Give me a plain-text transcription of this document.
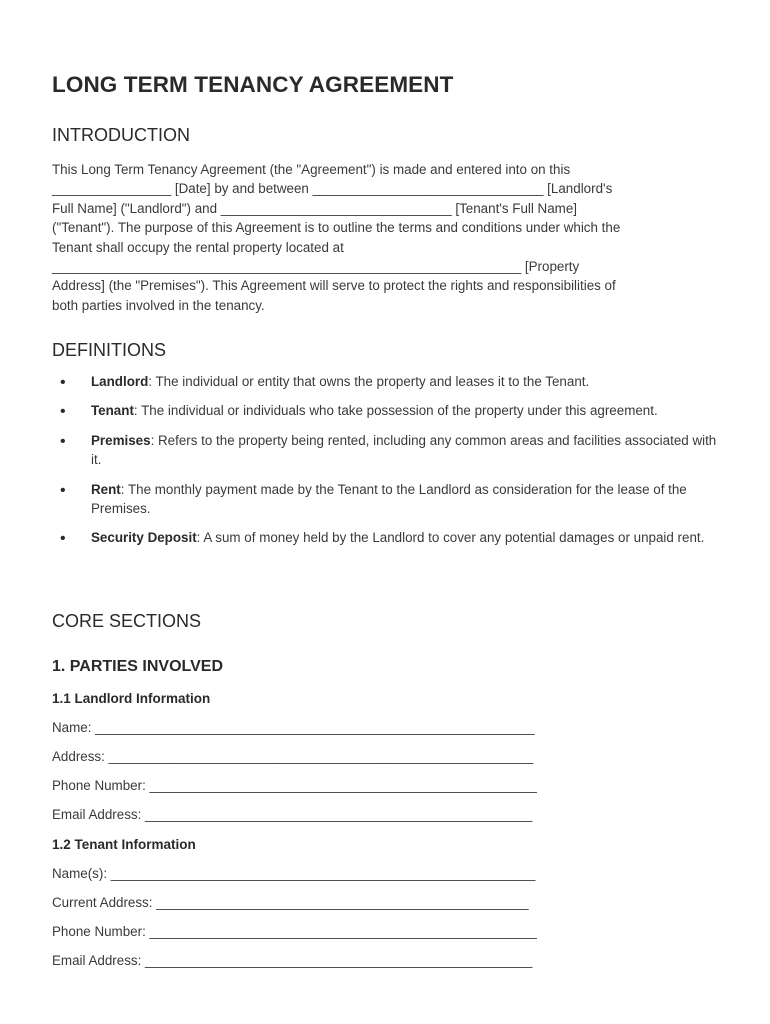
LONG TERM TENANCY AGREEMENT
INTRODUCTION
This Long Term Tenancy Agreement (the "Agreement") is made and entered into on this
________________ [Date] by and between _______________________________ [Landlord's
Full Name] ("Landlord") and _______________________________ [Tenant's Full Name]
("Tenant"). The purpose of this Agreement is to outline the terms and conditions under which the
Tenant shall occupy the rental property located at
_______________________________________________________________ [Property
Address] (the "Premises"). This Agreement will serve to protect the rights and responsibilities of
both parties involved in the tenancy.
DEFINITIONS
• Landlord: The individual or entity that owns the property and leases it to the Tenant.
• Tenant: The individual or individuals who take possession of the property under this agreement.
• Premises: Refers to the property being rented, including any common areas and facilities associated with it.
• Rent: The monthly payment made by the Tenant to the Landlord as consideration for the lease of the Premises.
• Security Deposit: A sum of money held by the Landlord to cover any potential damages or unpaid rent.
CORE SECTIONS
1. PARTIES INVOLVED
1.1 Landlord Information

Name: ___________________________________________________________

Address: _________________________________________________________

Phone Number: ____________________________________________________

Email Address: ____________________________________________________

1.2 Tenant Information

Name(s): _________________________________________________________

Current Address: __________________________________________________

Phone Number: ____________________________________________________

Email Address: ____________________________________________________
